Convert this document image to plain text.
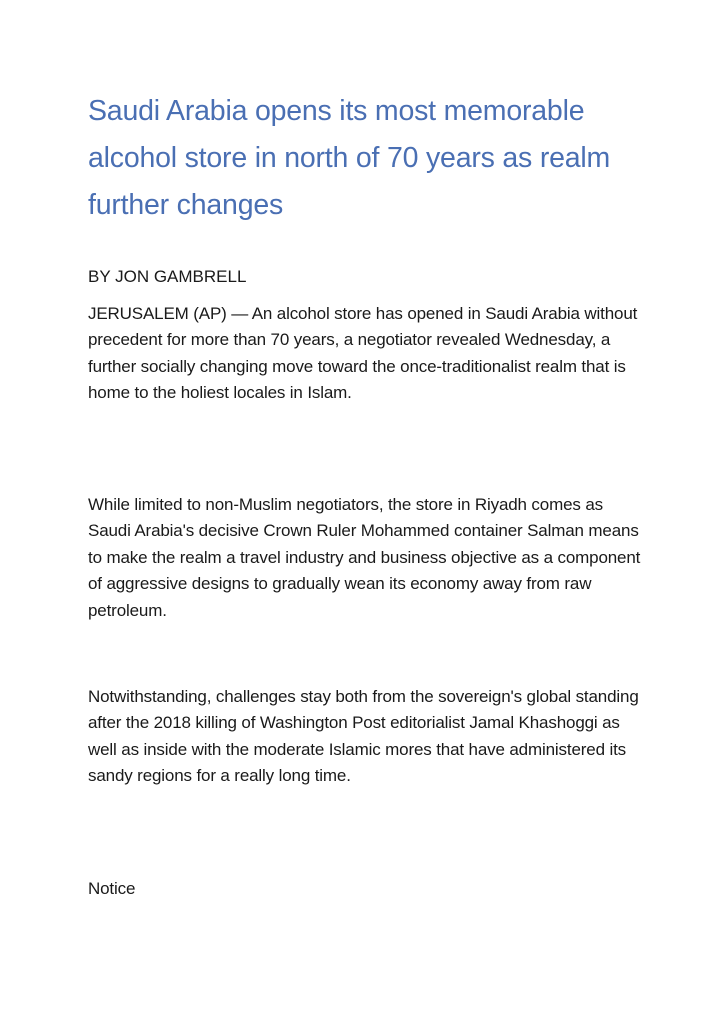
Saudi Arabia opens its most memorable alcohol store in north of 70 years as realm further changes

BY JON GAMBRELL

JERUSALEM (AP) — An alcohol store has opened in Saudi Arabia without precedent for more than 70 years, a negotiator revealed Wednesday, a further socially changing move toward the once-traditionalist realm that is home to the holiest locales in Islam.

While limited to non-Muslim negotiators, the store in Riyadh comes as Saudi Arabia's decisive Crown Ruler Mohammed container Salman means to make the realm a travel industry and business objective as a component of aggressive designs to gradually wean its economy away from raw petroleum.

Notwithstanding, challenges stay both from the sovereign's global standing after the 2018 killing of Washington Post editorialist Jamal Khashoggi as well as inside with the moderate Islamic mores that have administered its sandy regions for a really long time.

Notice
